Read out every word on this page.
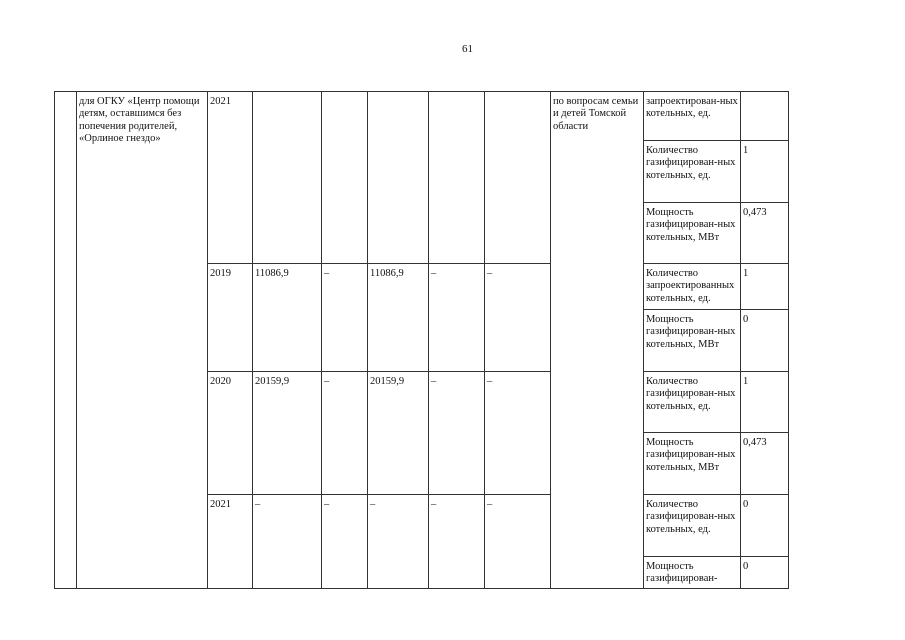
61
	для ОГКУ «Центр помощи детям, оставшимся без попечения родителей, «Орлиное гнездо»	2021						по вопросам семьи и детей Томской области	запроектирован-ных котельных, ед.	
									Количество газифицирован-ных котельных, ед.	1
									Мощность газифицирован-ных котельных, МВт	0,473
		2019	11086,9	–	11086,9	–	–		Количество запроектированных котельных, ед.	1
									Мощность газифицирован-ных котельных, МВт	0
		2020	20159,9	–	20159,9	–	–		Количество газифицирован-ных котельных, ед.	1
									Мощность газифицирован-ных котельных, МВт	0,473
		2021	–	–	–	–	–		Количество газифицирован-ных котельных, ед.	0
									Мощность газифицирован-	0
